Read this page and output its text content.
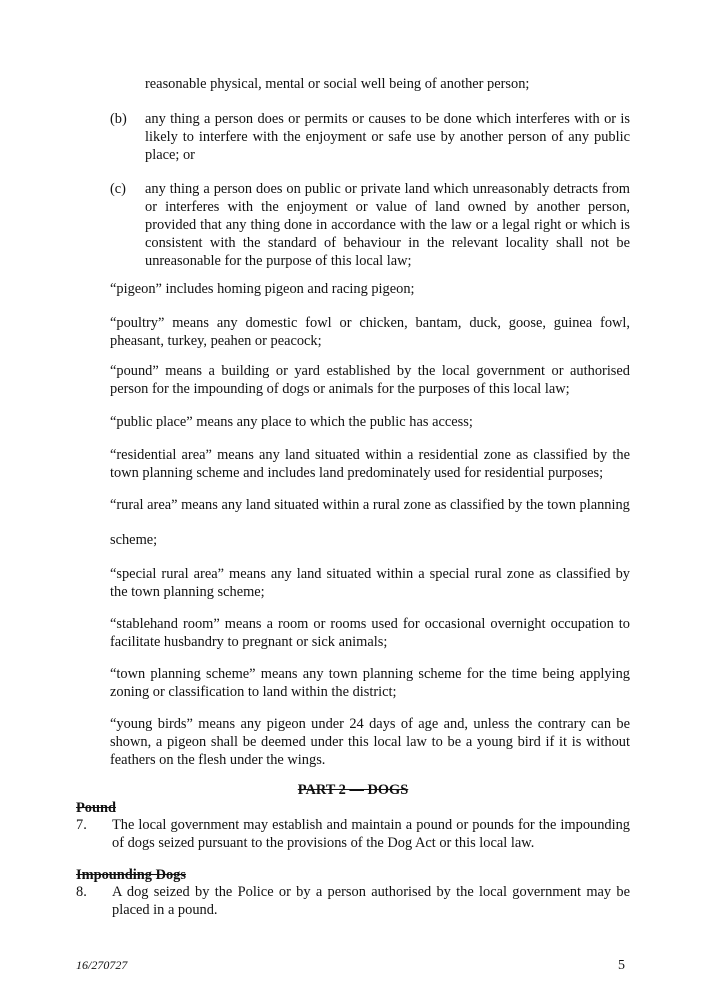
reasonable physical, mental or social well being of another person;

(b) any thing a person does or permits or causes to be done which interferes with or is likely to interfere with the enjoyment or safe use by another person of any public place; or

(c) any thing a person does on public or private land which unreasonably detracts from or interferes with the enjoyment or value of land owned by another person, provided that any thing done in accordance with the law or a legal right or which is consistent with the standard of behaviour in the relevant locality shall not be unreasonable for the purpose of this local law;

“pigeon” includes homing pigeon and racing pigeon;

“poultry” means any domestic fowl or chicken, bantam, duck, goose, guinea fowl, pheasant, turkey, peahen or peacock;

“pound” means a building or yard established by the local government or authorised person for the impounding of dogs or animals for the purposes of this local law;

“public place” means any place to which the public has access;

“residential area” means any land situated within a residential zone as classified by the town planning scheme and includes land predominately used for residential purposes;

“rural area” means any land situated within a rural zone as classified by the town planning

scheme;

“special rural area” means any land situated within a special rural zone as classified by the town planning scheme;

“stablehand room” means a room or rooms used for occasional overnight occupation to facilitate husbandry to pregnant or sick animals;

“town planning scheme” means any town planning scheme for the time being applying zoning or classification to land within the district;

“young birds” means any pigeon under 24 days of age and, unless the contrary can be shown, a pigeon shall be deemed under this local law to be a young bird if it is without feathers on the flesh under the wings.

PART 2 — DOGS
Pound
7. The local government may establish and maintain a pound or pounds for the impounding of dogs seized pursuant to the provisions of the Dog Act or this local law.

Impounding Dogs
8. A dog seized by the Police or by a person authorised by the local government may be placed in a pound.

16/270727	5
